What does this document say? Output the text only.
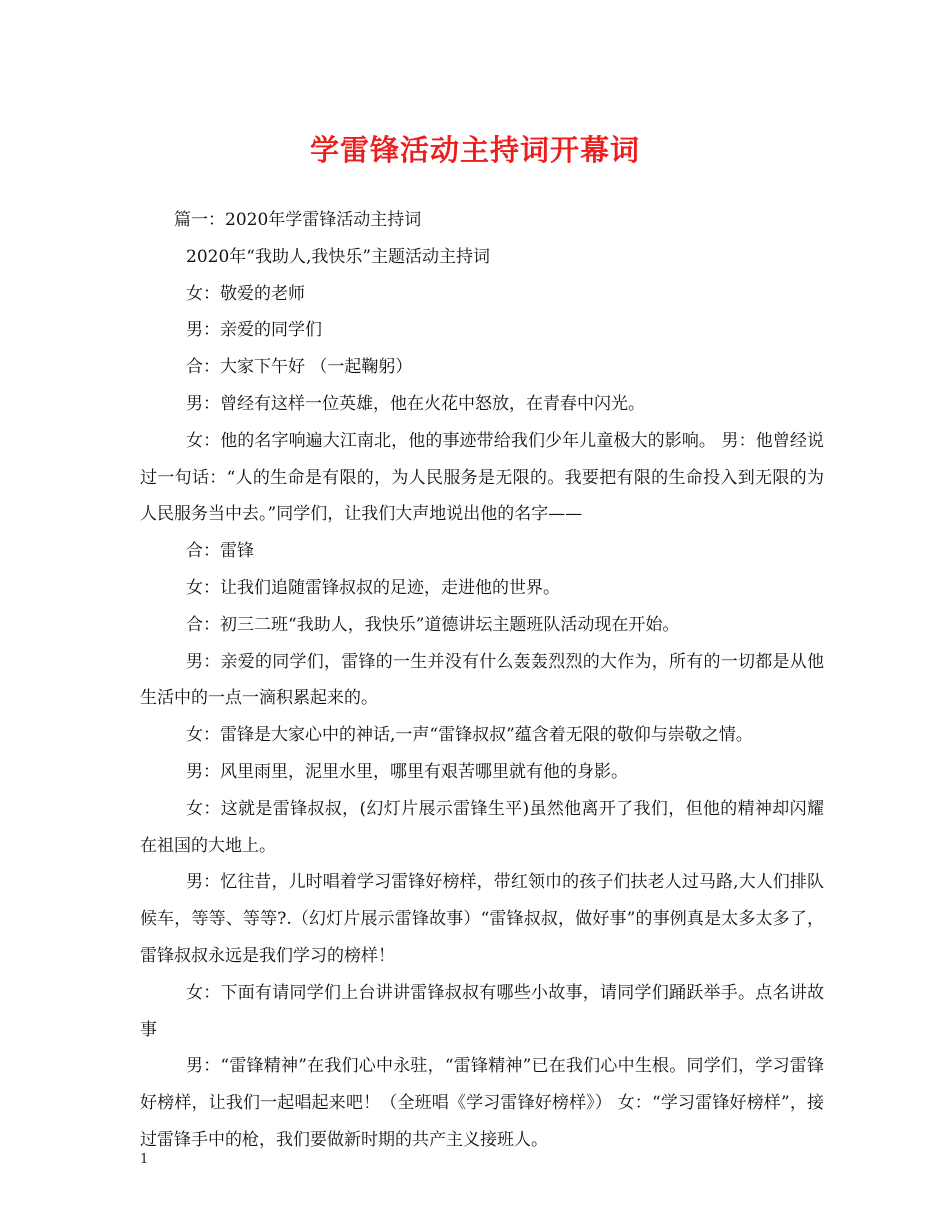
学雷锋活动主持词开幕词

篇一：2020年学雷锋活动主持词

2020年“我助人,我快乐”主题活动主持词

女：敬爱的老师

男：亲爱的同学们

合：大家下午好 （一起鞠躬）

男：曾经有这样一位英雄，他在火花中怒放，在青春中闪光。

女：他的名字响遍大江南北，他的事迹带给我们少年儿童极大的影响。 男：他曾经说过一句话：“人的生命是有限的，为人民服务是无限的。我要把有限的生命投入到无限的为人民服务当中去。”同学们，让我们大声地说出他的名字——

合：雷锋

女：让我们追随雷锋叔叔的足迹，走进他的世界。

合：初三二班“我助人，我快乐”道德讲坛主题班队活动现在开始。

男：亲爱的同学们，雷锋的一生并没有什么轰轰烈烈的大作为，所有的一切都是从他生活中的一点一滴积累起来的。

女：雷锋是大家心中的神话,一声“雷锋叔叔”蕴含着无限的敬仰与崇敬之情。

男：风里雨里，泥里水里，哪里有艰苦哪里就有他的身影。

女：这就是雷锋叔叔，(幻灯片展示雷锋生平)虽然他离开了我们，但他的精神却闪耀在祖国的大地上。

男：忆往昔，儿时唱着学习雷锋好榜样，带红领巾的孩子们扶老人过马路,大人们排队候车，等等、等等?.（幻灯片展示雷锋故事）“雷锋叔叔，做好事”的事例真是太多太多了，雷锋叔叔永远是我们学习的榜样！

女：下面有请同学们上台讲讲雷锋叔叔有哪些小故事，请同学们踊跃举手。点名讲故事

男：“雷锋精神”在我们心中永驻，“雷锋精神”已在我们心中生根。同学们，学习雷锋好榜样，让我们一起唱起来吧！（全班唱《学习雷锋好榜样》） 女：“学习雷锋好榜样”，接过雷锋手中的枪，我们要做新时期的共产主义接班人。

1
